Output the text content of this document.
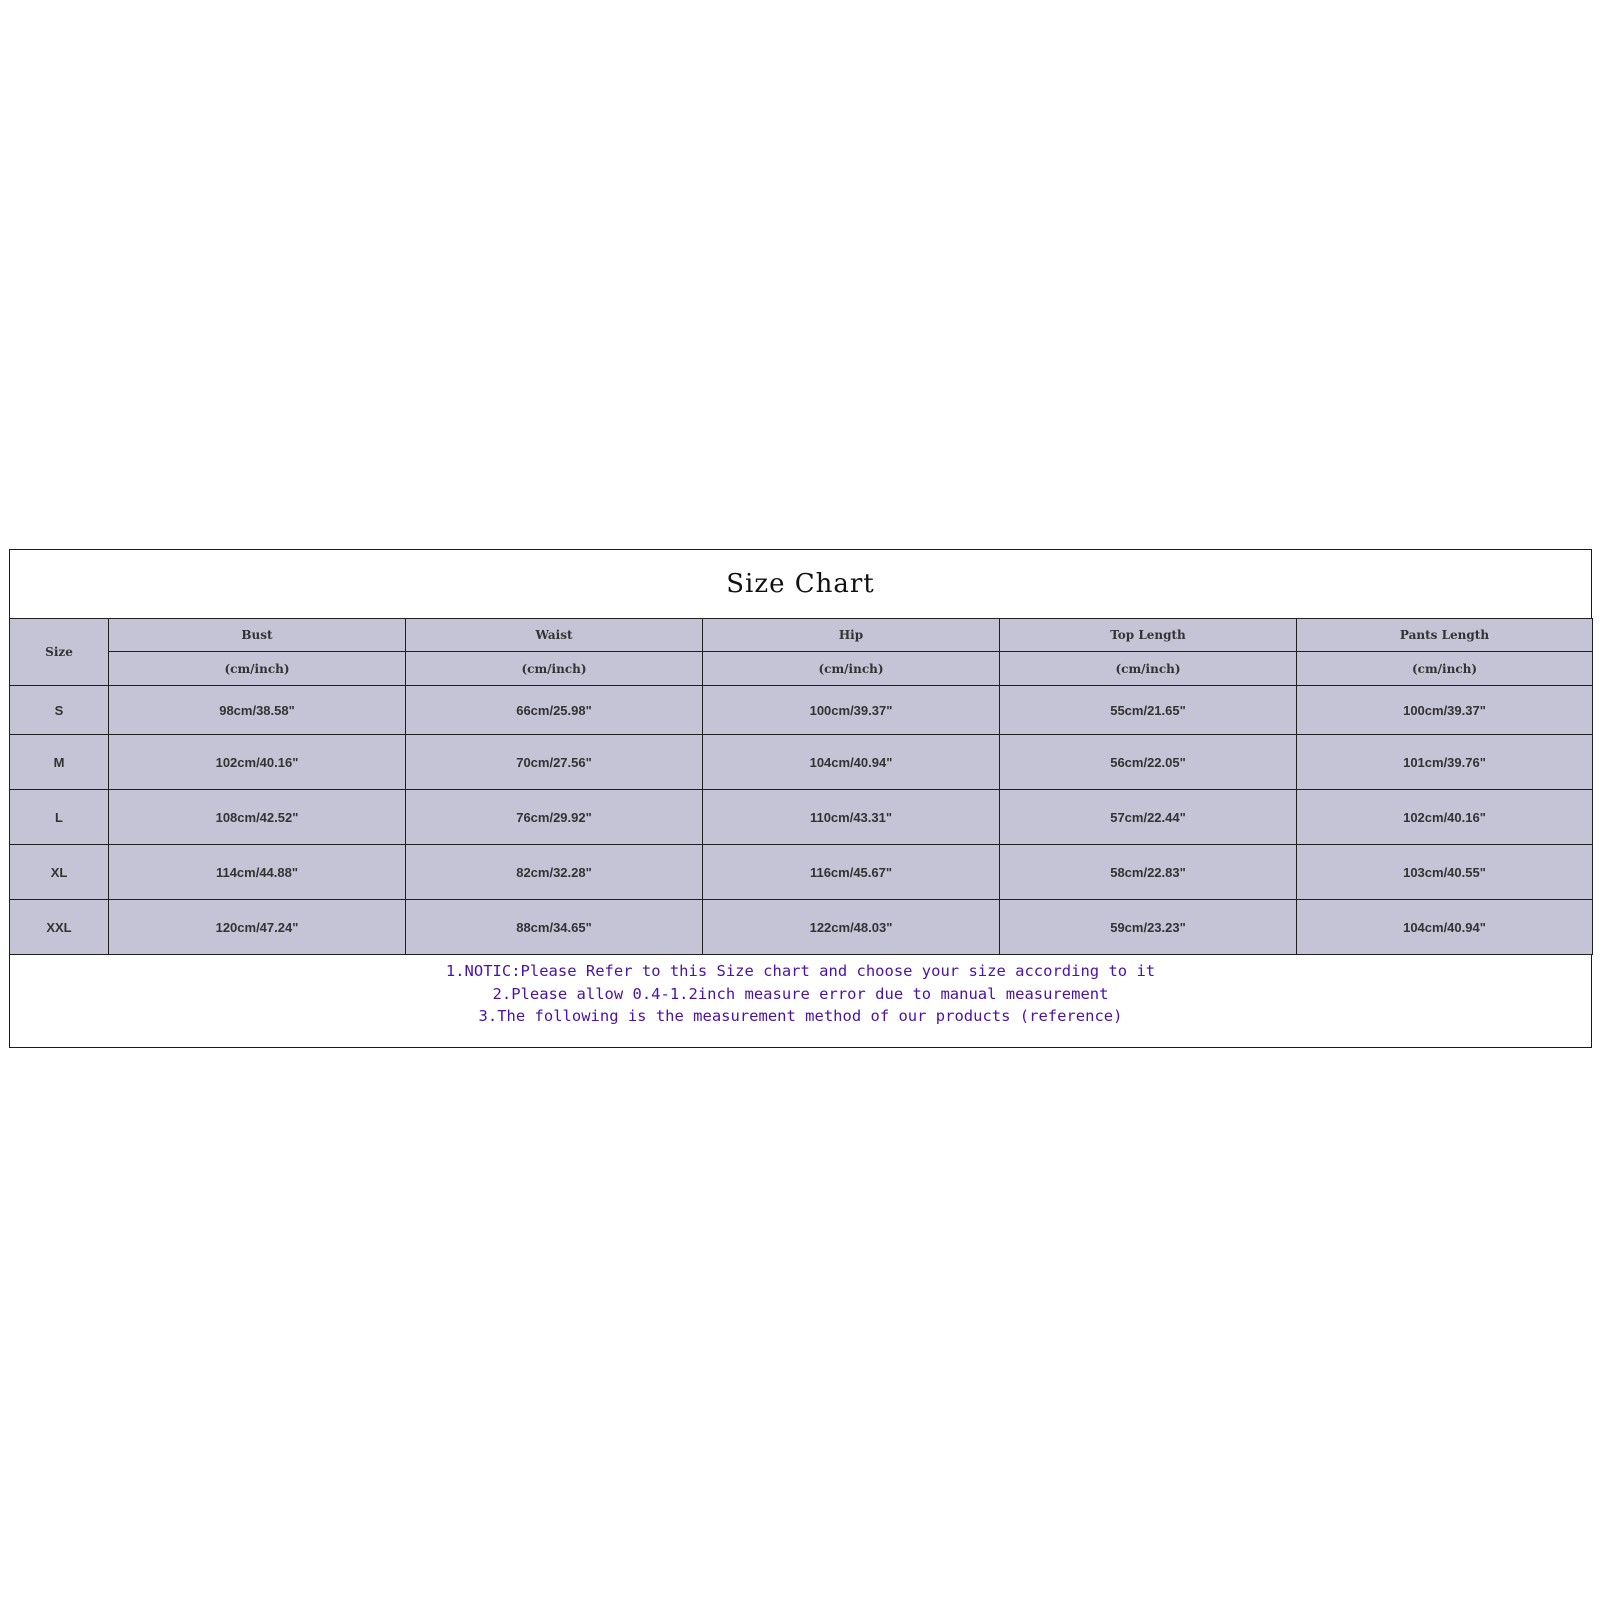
Size Chart
Size	Bust	Waist	Hip	Top Length	Pants Length
	(cm/inch)	(cm/inch)	(cm/inch)	(cm/inch)	(cm/inch)
S	98cm/38.58"	66cm/25.98"	100cm/39.37"	55cm/21.65"	100cm/39.37"
M	102cm/40.16"	70cm/27.56"	104cm/40.94"	56cm/22.05"	101cm/39.76"
L	108cm/42.52"	76cm/29.92"	110cm/43.31"	57cm/22.44"	102cm/40.16"
XL	114cm/44.88"	82cm/32.28"	116cm/45.67"	58cm/22.83"	103cm/40.55"
XXL	120cm/47.24"	88cm/34.65"	122cm/48.03"	59cm/23.23"	104cm/40.94"
1.NOTIC:Please Refer to this Size chart and choose your size according to it
2.Please allow 0.4-1.2inch measure error due to manual measurement
3.The following is the measurement method of our products (reference)
